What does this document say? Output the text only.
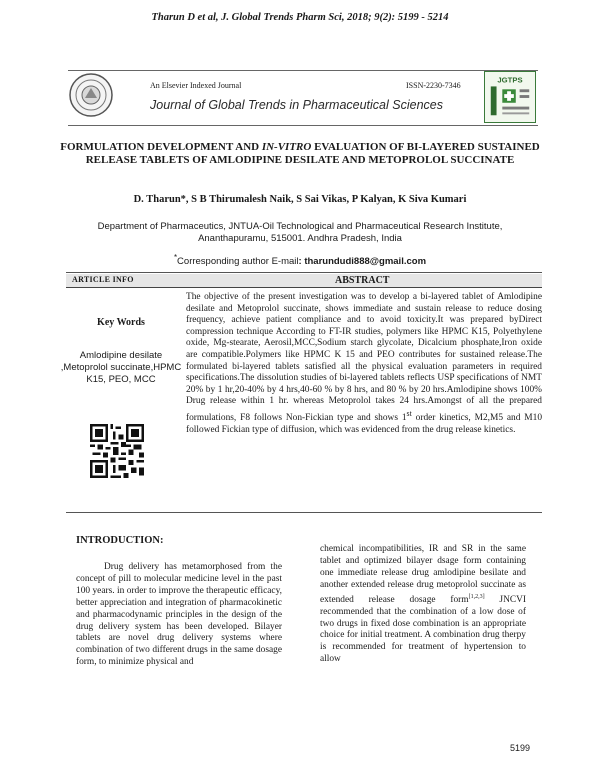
Tharun D et al, J. Global Trends Pharm Sci, 2018; 9(2): 5199 - 5214
An Elsevier Indexed Journal	ISSN-2230-7346
Journal of Global Trends in Pharmaceutical Sciences
JGTPS
FORMULATION DEVELOPMENT AND IN-VITRO EVALUATION OF BI-LAYERED SUSTAINED RELEASE TABLETS OF AMLODIPINE DESILATE AND METOPROLOL SUCCINATE
D. Tharun*, S B Thirumalesh Naik, S Sai Vikas, P Kalyan, K Siva Kumari
Department of Pharmaceutics, JNTUA-Oil Technological and Pharmaceutical Research Institute, Ananthapuramu, 515001. Andhra Pradesh, India
*Corresponding author E-mail: tharundudi888@gmail.com
ARTICLE INFO	ABSTRACT
Key Words
Amlodipine desilate ,Metoprolol succinate,HPMC K15, PEO, MCC
The objective of the present investigation was to develop a bi-layered tablet of Amlodipine desilate and Metoprolol succinate, shows immediate and sustain release to reduce dosing frequency, achieve patient compliance and to avoid toxicity.It was prepared byDirect compression technique According to FT-IR studies, polymers like HPMC K15, Polyethylene oxide, Mg-stearate, Aerosil,MCC,Sodium starch glycolate, Dicalcium phosphate,Iron oxide are compatible.Polymers like HPMC K 15 and PEO contributes for sustained release.The formulated bi-layered tablets satisfied all the physical evaluation parameters in required specifications.The dissolution studies of bi-layered tablets reflects USP specifications of NMT 20% by 1 hr,20-40% by 4 hrs,40-60 % by 8 hrs, and 80 % by 20 hrs.Amlodipine shows 100% Drug release within 1 hr. whereas Metoprolol takes 24 hrs.Amongst of all the prepared formulations, F8 follows Non-Fickian type and shows 1st order kinetics, M2,M5 and M10 followed Fickian type of diffusion, which was evidenced from the drug release kinetics.
INTRODUCTION:
Drug delivery has metamorphosed from the concept of pill to molecular medicine level in the past 100 years. in order to improve the therapeutic efficacy, better appreciation and integration of pharmacokinetic and pharmacodynamic principles in the design of the drug delivery system has been developed. Bilayer tablets are novel drug delivery systems where combination of two different drugs in the same dosage form, to minimize physical and
chemical incompatibilities, IR and SR in the same tablet and optimized bilayer dsage form containing one immediate release drug amlodipine besilate and another extended release drug metoprolol succinate as extended release dosage form[1,2,3] JNCVI recommended that the combination of a low dose of two drugs in fixed dose combination is an appropriate choice for initial treatment. A combination drug therpy is recommended for treatment of hypertension to allow
5199
